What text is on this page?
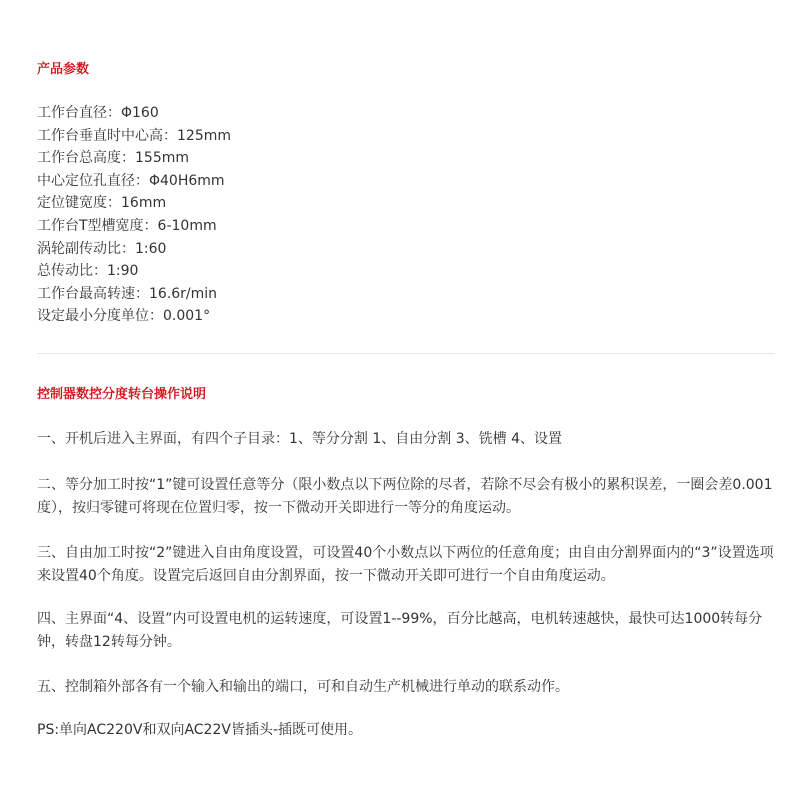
产品参数
工作台直径：Φ160
工作台垂直时中心高：125mm
工作台总高度：155mm
中心定位孔直径：Φ40H6mm
定位键宽度：16mm
工作台T型槽宽度：6-10mm
涡轮副传动比：1:60
总传动比：1:90
工作台最高转速：16.6r/min
设定最小分度单位：0.001°
控制器数控分度转台操作说明

一、开机后进入主界面，有四个子目录：1、等分分割 1、自由分割 3、铣槽 4、设置

二、等分加工时按“1”键可设置任意等分（限小数点以下两位除的尽者，若除不尽会有极小的累积误差，一圈会差0.001度），按归零键可将现在位置归零，按一下微动开关即进行一等分的角度运动。

三、自由加工时按“2”键进入自由角度设置，可设置40个小数点以下两位的任意角度；由自由分割界面内的“3”设置选项来设置40个角度。设置完后返回自由分割界面，按一下微动开关即可进行一个自由角度运动。

四、主界面“4、设置”内可设置电机的运转速度，可设置1--99%，百分比越高，电机转速越快，最快可达1000转每分钟，转盘12转每分钟。

五、控制箱外部各有一个输入和输出的端口，可和自动生产机械进行单动的联系动作。

PS:单向AC220V和双向AC22V皆插头-插既可使用。
